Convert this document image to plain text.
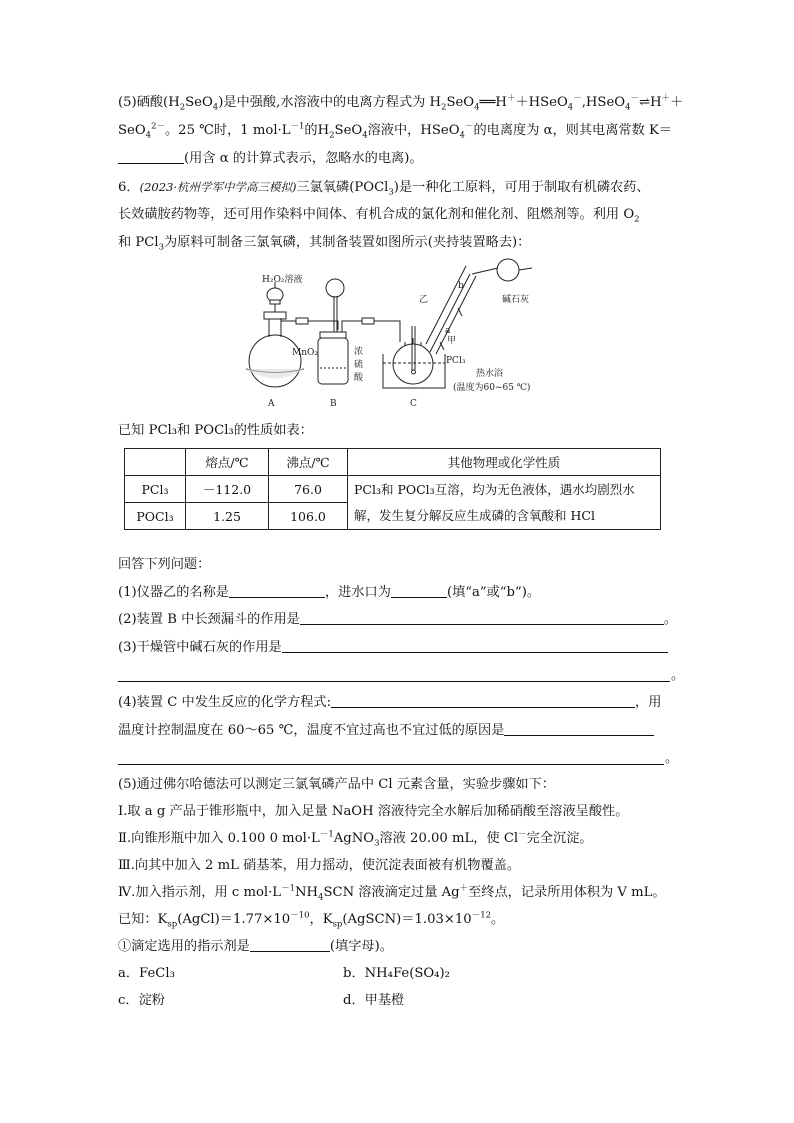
(5)硒酸$(H_2SeO_4)$是中强酸,水溶液中的电离方程式为 $H_2SeO_4══H^++HSeO_4^-,HSeO_4^-\rightleftharpoons H^++$
SeO$_4^{2-}$。25 ℃时，1 $mol\cdot L^{-1}$的$H_2SeO_4$溶液中，HSeO$_4$－的电离度为 α，则其电离常数 K＝
(用含 α 的计算式表示，忽略水的电离)。
6．(2023·杭州学军中学高三模拟)三氯氧磷(POCl$_3$)是一种化工原料，可用于制取有机磷农药、
长效磺胺药物等，还可用作染料中间体、有机合成的氯化剂和催化剂、阻燃剂等。利用 $O_2$
和 PCl$_3$为原料可制备三氯氧磷，其制备装置如图所示(夹持装置略去)：
H₂O₂溶液
MnO₂	浓
硫
酸
乙
甲
a
b
PCl₃
碱石灰
热水浴
(温度为60~65 ℃)
A	B	C
已知 PCl₃和 POCl₃的性质如表：
	熔点/℃	沸点/℃	其他物理或化学性质
PCl₃	－112.0	76.0	PCl₃和 POCl₃互溶，均为无色液体，遇水均剧烈水解，发生复分解反应生成磷的含氧酸和 HCl
POCl₃	1.25	106.0	
回答下列问题：
(1)仪器乙的名称是	，进水口为	(填“a”或“b”)。
(2)装置 B 中长颈漏斗的作用是	。
(3)干燥管中碱石灰的作用是
。
(4)装置 C 中发生反应的化学方程式:	，用
温度计控制温度在 60～65 ℃，温度不宜过高也不宜过低的原因是
。
(5)通过佛尔哈德法可以测定三氯氧磷产品中 Cl 元素含量，实验步骤如下：
Ⅰ.取 a g 产品于锥形瓶中，加入足量 NaOH 溶液待完全水解后加稀硝酸至溶液呈酸性。
Ⅱ.向锥形瓶中加入 0.100 0 $mol\cdot L^{-1}AgNO_3$溶液 20.00 mL，使 Cl－完全沉淀。
Ⅲ.向其中加入 2 mL 硝基苯，用力摇动，使沉淀表面被有机物覆盖。
Ⅳ.加入指示剂，用 c $mol\cdot L^{-1}NH_4SCN$ 溶液滴定过量 Ag＋至终点，记录所用体积为 V mL。
已知：$K_{sp}(AgCl)=1.77\times 10^{-10}$，$K_{sp}(AgSCN)=1.03\times 10^{-12}$。
①滴定选用的指示剂是	(填字母)。
a．FeCl₃	b．NH₄Fe(SO₄)₂
c．淀粉	d．甲基橙
